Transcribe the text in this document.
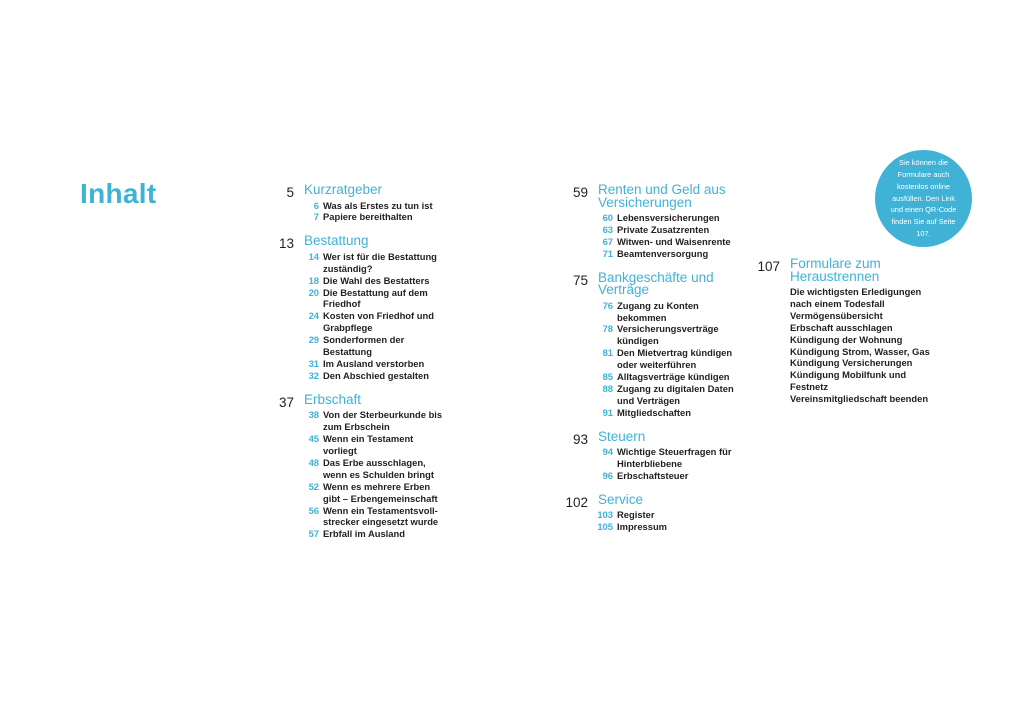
Inhalt	5 Kurzratgeber
6 Was als Erstes zu tun ist
7 Papiere bereithalten
13 Bestattung
14 Wer ist für die Bestattung zuständig?
18 Die Wahl des Bestatters
20 Die Bestattung auf dem Friedhof
24 Kosten von Friedhof und Grabpflege
29 Sonderformen der Bestattung
31 Im Ausland verstorben
32 Den Abschied gestalten
37 Erbschaft
38 Von der Sterbeurkunde bis zum Erbschein
45 Wenn ein Testament vorliegt
48 Das Erbe ausschlagen, wenn es Schulden bringt
52 Wenn es mehrere Erben gibt – Erbengemeinschaft
56 Wenn ein Testamentsvollstrecker eingesetzt wurde
57 Erbfall im Ausland
59 Renten und Geld aus Versicherungen
60 Lebensversicherungen
63 Private Zusatzrenten
67 Witwen- und Waisenrente
71 Beamtenversorgung
75 Bankgeschäfte und Verträge
76 Zugang zu Konten bekommen
78 Versicherungsverträge kündigen
81 Den Mietvertrag kündigen oder weiterführen
85 Alltagsverträge kündigen
88 Zugang zu digitalen Daten und Verträgen
91 Mitgliedschaften
93 Steuern
94 Wichtige Steuerfragen für Hinterbliebene
96 Erbschaftsteuer
102 Service
103 Register
105 Impressum
107 Formulare zum Heraustrennen
Die wichtigsten Erledigungen nach einem Todesfall
Vermögensübersicht
Erbschaft ausschlagen
Kündigung der Wohnung
Kündigung Strom, Wasser, Gas
Kündigung Versicherungen
Kündigung Mobilfunk und Festnetz
Vereinsmitgliedschaft beenden
Sie können die Formulare auch kostenlos online ausfüllen. Den Link und einen QR-Code finden Sie auf Seite 107.
